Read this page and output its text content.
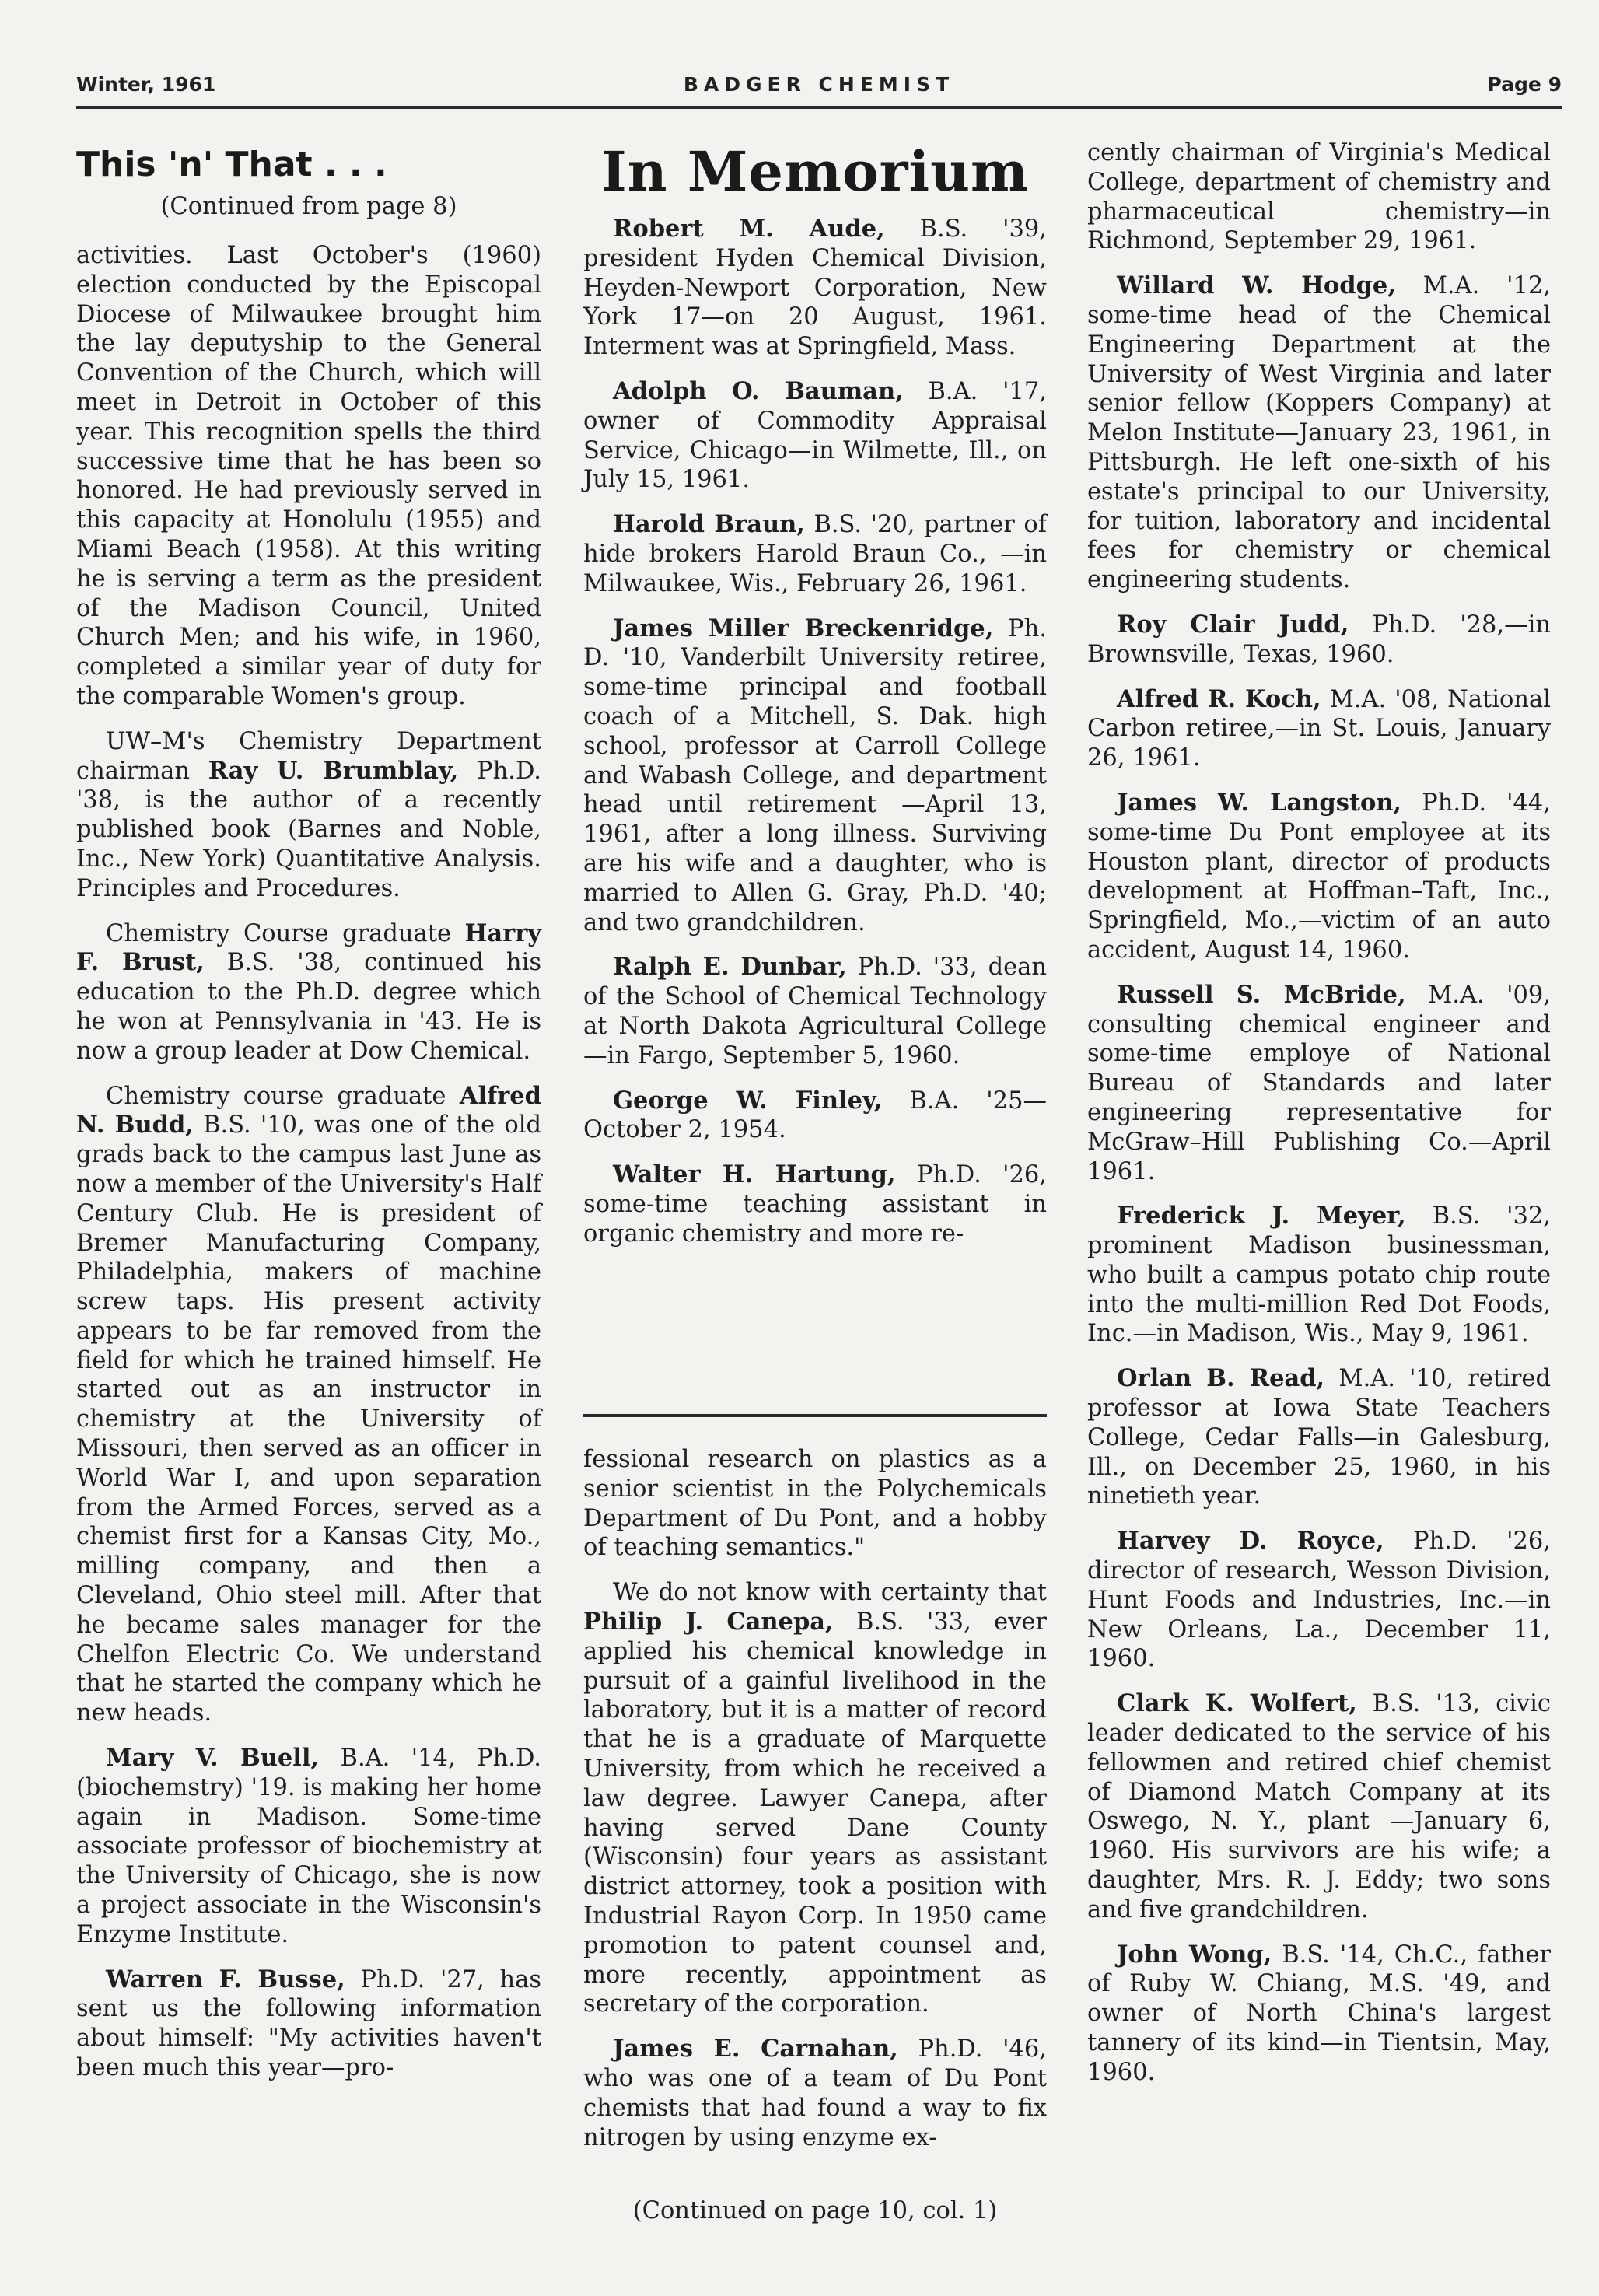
Winter, 1961	BADGER CHEMIST	Page 9
This 'n' That . . .
(Continued from page 8)

activities. Last October's (1960) election conducted by the Episcopal Diocese of Milwaukee brought him the lay deputyship to the General Convention of the Church, which will meet in Detroit in October of this year. This recognition spells the third successive time that he has been so honored. He had previously served in this capacity at Honolulu (1955) and Miami Beach (1958). At this writing he is serving a term as the president of the Madison Council, United Church Men; and his wife, in 1960, completed a similar year of duty for the comparable Women's group.

UW–M's Chemistry Department chairman Ray U. Brumblay, Ph.D. '38, is the author of a recently published book (Barnes and Noble, Inc., New York) Quantitative Analysis. Principles and Procedures.

Chemistry Course graduate Harry F. Brust, B.S. '38, continued his education to the Ph.D. degree which he won at Pennsylvania in '43. He is now a group leader at Dow Chemical.

Chemistry course graduate Alfred N. Budd, B.S. '10, was one of the old grads back to the campus last June as now a member of the University's Half Century Club. He is president of Bremer Manufacturing Company, Philadelphia, makers of machine screw taps. His present activity appears to be far removed from the field for which he trained himself. He started out as an instructor in chemistry at the University of Missouri, then served as an officer in World War I, and upon separation from the Armed Forces, served as a chemist first for a Kansas City, Mo., milling company, and then a Cleveland, Ohio steel mill. After that he became sales manager for the Chelfon Electric Co. We understand that he started the company which he new heads.

Mary V. Buell, B.A. '14, Ph.D. (biochemstry) '19. is making her home again in Madison. Some-time associate professor of biochemistry at the University of Chicago, she is now a project associate in the Wisconsin's Enzyme Institute.

Warren F. Busse, Ph.D. '27, has sent us the following information about himself: "My activities haven't been much this year—pro-

In Memorium

Robert M. Aude, B.S. '39, president Hyden Chemical Division, Heyden-Newport Corporation, New York 17—on 20 August, 1961. Interment was at Springfield, Mass.

Adolph O. Bauman, B.A. '17, owner of Commodity Appraisal Service, Chicago—in Wilmette, Ill., on July 15, 1961.

Harold Braun, B.S. '20, partner of hide brokers Harold Braun Co., —in Milwaukee, Wis., February 26, 1961.

James Miller Breckenridge, Ph. D. '10, Vanderbilt University retiree, some-time principal and football coach of a Mitchell, S. Dak. high school, professor at Carroll College and Wabash College, and department head until retirement —April 13, 1961, after a long illness. Surviving are his wife and a daughter, who is married to Allen G. Gray, Ph.D. '40; and two grandchildren.

Ralph E. Dunbar, Ph.D. '33, dean of the School of Chemical Technology at North Dakota Agricultural College—in Fargo, September 5, 1960.

George W. Finley, B.A. '25—October 2, 1954.

Walter H. Hartung, Ph.D. '26, some-time teaching assistant in organic chemistry and more re-

fessional research on plastics as a senior scientist in the Polychemicals Department of Du Pont, and a hobby of teaching semantics."

We do not know with certainty that Philip J. Canepa, B.S. '33, ever applied his chemical knowledge in pursuit of a gainful livelihood in the laboratory, but it is a matter of record that he is a graduate of Marquette University, from which he received a law degree. Lawyer Canepa, after having served Dane County (Wisconsin) four years as assistant district attorney, took a position with Industrial Rayon Corp. In 1950 came promotion to patent counsel and, more recently, appointment as secretary of the corporation.

James E. Carnahan, Ph.D. '46, who was one of a team of Du Pont chemists that had found a way to fix nitrogen by using enzyme ex-

(Continued on page 10, col. 1)

cently chairman of Virginia's Medical College, department of chemistry and pharmaceutical chemistry—in Richmond, September 29, 1961.

Willard W. Hodge, M.A. '12, some-time head of the Chemical Engineering Department at the University of West Virginia and later senior fellow (Koppers Company) at Melon Institute—January 23, 1961, in Pittsburgh. He left one-sixth of his estate's principal to our University, for tuition, laboratory and incidental fees for chemistry or chemical engineering students.

Roy Clair Judd, Ph.D. '28,—in Brownsville, Texas, 1960.

Alfred R. Koch, M.A. '08, National Carbon retiree,—in St. Louis, January 26, 1961.

James W. Langston, Ph.D. '44, some-time Du Pont employee at its Houston plant, director of products development at Hoffman–Taft, Inc., Springfield, Mo.,—victim of an auto accident, August 14, 1960.

Russell S. McBride, M.A. '09, consulting chemical engineer and some-time employe of National Bureau of Standards and later engineering representative for McGraw–Hill Publishing Co.—April 1961.

Frederick J. Meyer, B.S. '32, prominent Madison businessman, who built a campus potato chip route into the multi-million Red Dot Foods, Inc.—in Madison, Wis., May 9, 1961.

Orlan B. Read, M.A. '10, retired professor at Iowa State Teachers College, Cedar Falls—in Galesburg, Ill., on December 25, 1960, in his ninetieth year.

Harvey D. Royce, Ph.D. '26, director of research, Wesson Division, Hunt Foods and Industries, Inc.—in New Orleans, La., December 11, 1960.

Clark K. Wolfert, B.S. '13, civic leader dedicated to the service of his fellowmen and retired chief chemist of Diamond Match Company at its Oswego, N. Y., plant —January 6, 1960. His survivors are his wife; a daughter, Mrs. R. J. Eddy; two sons and five grandchildren.

John Wong, B.S. '14, Ch.C., father of Ruby W. Chiang, M.S. '49, and owner of North China's largest tannery of its kind—in Tientsin, May, 1960.
